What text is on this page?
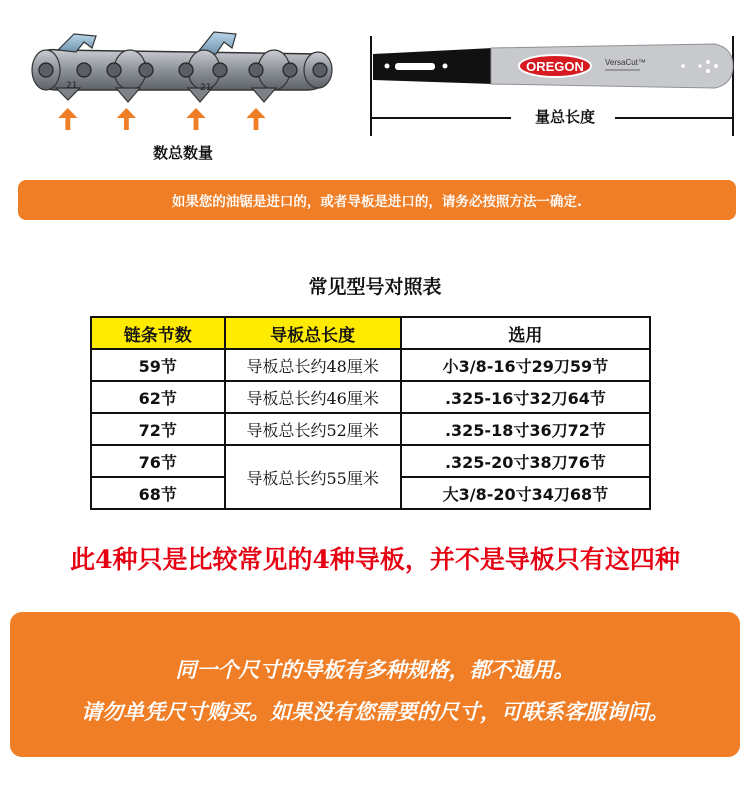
21	21
数总数量
OREGON	VersaCut™
量总长度
如果您的油锯是进口的，或者导板是进口的，请务必按照方法一确定.
常见型号对照表
链条节数	导板总长度	选用
59节	导板总长约48厘米	小3/8-16寸29刀59节
62节	导板总长约46厘米	.325-16寸32刀64节
72节	导板总长约52厘米	.325-18寸36刀72节
76节	导板总长约55厘米	.325-20寸38刀76节
68节		大3/8-20寸34刀68节
此4种只是比较常见的4种导板，并不是导板只有这四种
同一个尺寸的导板有多种规格，都不通用。
请勿单凭尺寸购买。如果没有您需要的尺寸，可联系客服询问。
